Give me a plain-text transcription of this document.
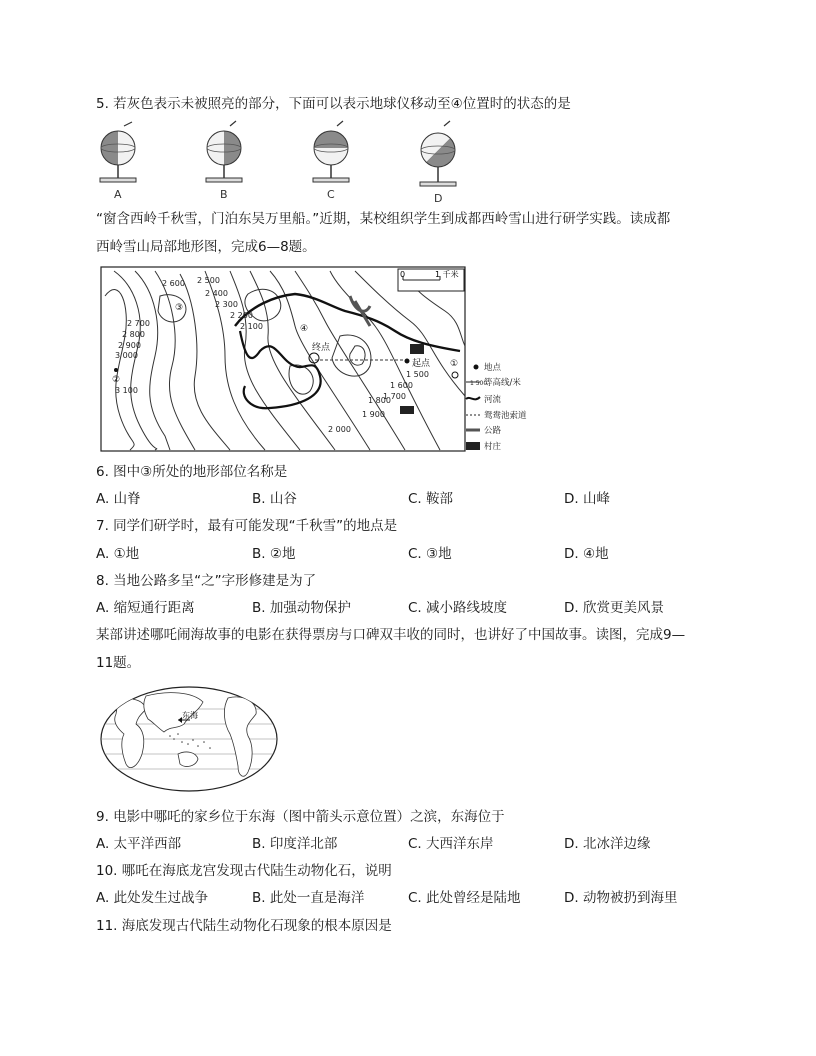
5. 若灰色表示未被照亮的部分，下面可以表示地球仪移动至④位置时的状态的是
A	B	C	D
“窗含西岭千秋雪，门泊东吴万里船。”近期，某校组织学生到成都西岭雪山进行研学实践。读成都
西岭雪山局部地形图，完成6—8题。
0	1 千米
2 600 2 500
2 400
2 300
2 200
2 100
2 700
2 800
2 900
3 000
3 100
1 500
1 600
1 700
1 800
1 900
2 000
②
③
④
终点
起点 ①	地点
1 500
等高线/米
河流
鸳鸯池索道
公路
村庄
6. 图中③所处的地形部位名称是
A. 山脊	B. 山谷	C. 鞍部	D. 山峰
7. 同学们研学时，最有可能发现“千秋雪”的地点是
A. ①地	B. ②地	C. ③地	D. ④地
8. 当地公路多呈“之”字形修建是为了
A. 缩短通行距离	B. 加强动物保护	C. 减小路线坡度	D. 欣赏更美风景
某部讲述哪吒闹海故事的电影在获得票房与口碑双丰收的同时，也讲好了中国故事。读图，完成9—
11题。
东海
9. 电影中哪吒的家乡位于东海（图中箭头示意位置）之滨，东海位于
A. 太平洋西部	B. 印度洋北部	C. 大西洋东岸	D. 北冰洋边缘
10. 哪吒在海底龙宫发现古代陆生动物化石，说明
A. 此处发生过战争	B. 此处一直是海洋	C. 此处曾经是陆地	D. 动物被扔到海里
11. 海底发现古代陆生动物化石现象的根本原因是
